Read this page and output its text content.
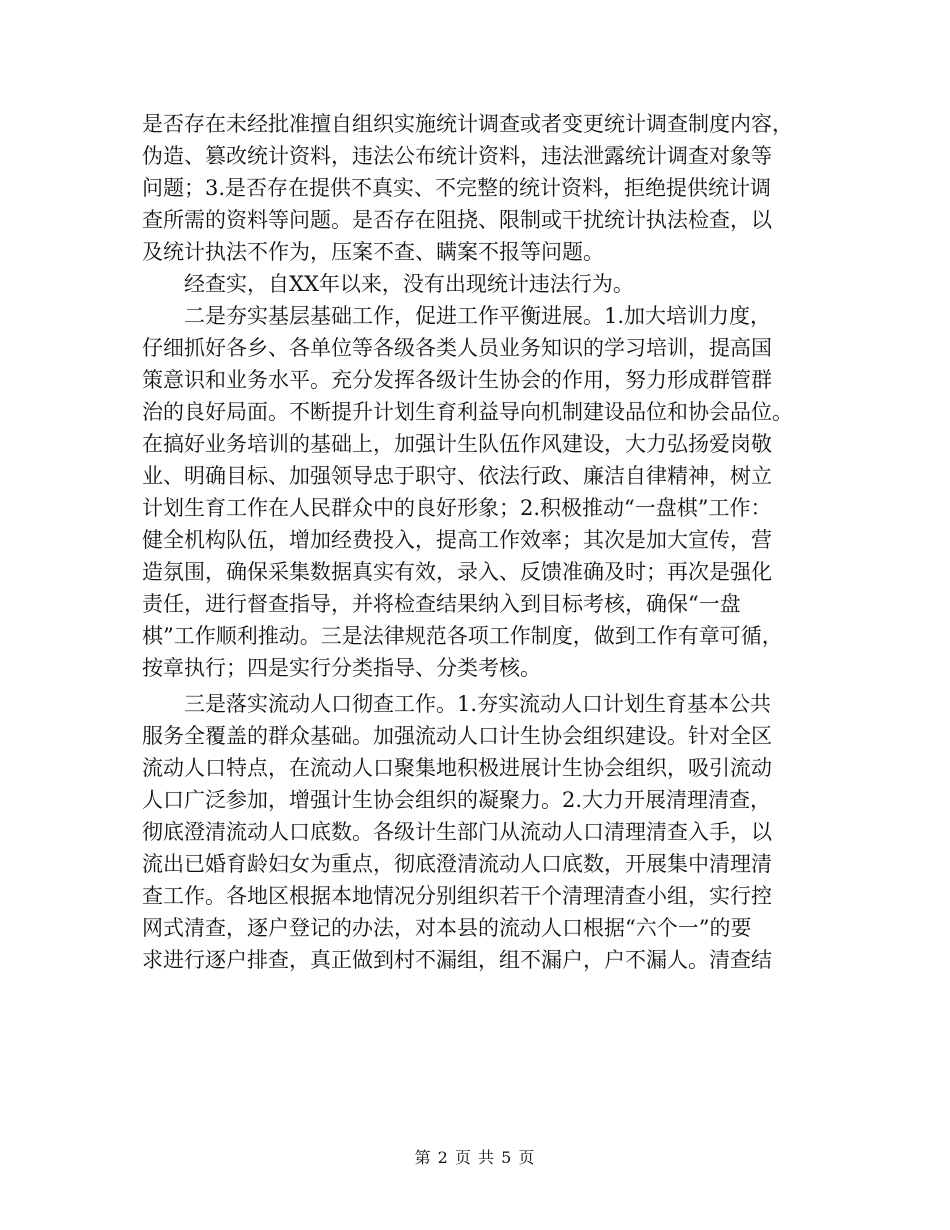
是否存在未经批准擅自组织实施统计调查或者变更统计调查制度内容，
伪造、篡改统计资料，违法公布统计资料，违法泄露统计调查对象等
问题；3.是否存在提供不真实、不完整的统计资料，拒绝提供统计调
查所需的资料等问题。是否存在阻挠、限制或干扰统计执法检查，以
及统计执法不作为，压案不查、瞒案不报等问题。
经查实，自XX年以来，没有出现统计违法行为。
二是夯实基层基础工作，促进工作平衡进展。1.加大培训力度，
仔细抓好各乡、各单位等各级各类人员业务知识的学习培训，提高国
策意识和业务水平。充分发挥各级计生协会的作用，努力形成群管群
治的良好局面。不断提升计划生育利益导向机制建设品位和协会品位。
在搞好业务培训的基础上，加强计生队伍作风建设，大力弘扬爱岗敬
业、明确目标、加强领导忠于职守、依法行政、廉洁自律精神，树立
计划生育工作在人民群众中的良好形象；2.积极推动“一盘棋”工作：
健全机构队伍，增加经费投入，提高工作效率；其次是加大宣传，营
造氛围，确保采集数据真实有效，录入、反馈准确及时；再次是强化
责任，进行督查指导，并将检查结果纳入到目标考核，确保“一盘
棋”工作顺利推动。三是法律规范各项工作制度，做到工作有章可循，
按章执行；四是实行分类指导、分类考核。
三是落实流动人口彻查工作。1.夯实流动人口计划生育基本公共
服务全覆盖的群众基础。加强流动人口计生协会组织建设。针对全区
流动人口特点，在流动人口聚集地积极进展计生协会组织，吸引流动
人口广泛参加，增强计生协会组织的凝聚力。2.大力开展清理清查，
彻底澄清流动人口底数。各级计生部门从流动人口清理清查入手，以
流出已婚育龄妇女为重点，彻底澄清流动人口底数，开展集中清理清
查工作。各地区根据本地情况分别组织若干个清理清查小组，实行控
网式清查，逐户登记的办法，对本县的流动人口根据“六个一”的要
求进行逐户排查，真正做到村不漏组，组不漏户，户不漏人。清查结
第 2 页 共 5 页
